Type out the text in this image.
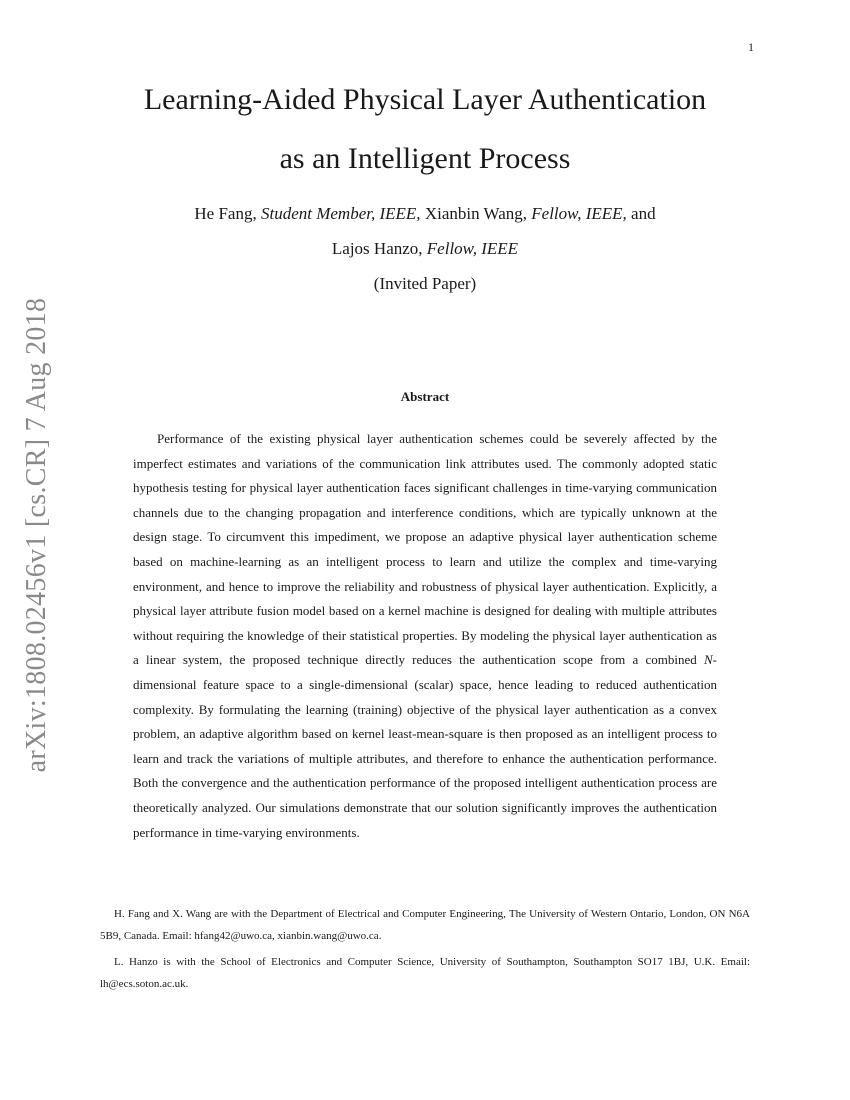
1
arXiv:1808.02456v1 [cs.CR] 7 Aug 2018
Learning-Aided Physical Layer Authentication
as an Intelligent Process
He Fang, Student Member, IEEE, Xianbin Wang, Fellow, IEEE, and
Lajos Hanzo, Fellow, IEEE
(Invited Paper)
Abstract

Performance of the existing physical layer authentication schemes could be severely affected by the imperfect estimates and variations of the communication link attributes used. The commonly adopted static hypothesis testing for physical layer authentication faces significant challenges in time-varying communication channels due to the changing propagation and interference conditions, which are typically unknown at the design stage. To circumvent this impediment, we propose an adaptive physical layer authentication scheme based on machine-learning as an intelligent process to learn and utilize the complex and time-varying environment, and hence to improve the reliability and robustness of physical layer authentication. Explicitly, a physical layer attribute fusion model based on a kernel machine is designed for dealing with multiple attributes without requiring the knowledge of their statistical properties. By modeling the physical layer authentication as a linear system, the proposed technique directly reduces the authentication scope from a combined N-dimensional feature space to a single-dimensional (scalar) space, hence leading to reduced authentication complexity. By formulating the learning (training) objective of the physical layer authentication as a convex problem, an adaptive algorithm based on kernel least-mean-square is then proposed as an intelligent process to learn and track the variations of multiple attributes, and therefore to enhance the authentication performance. Both the convergence and the authentication performance of the proposed intelligent authentication process are theoretically analyzed. Our simulations demonstrate that our solution significantly improves the authentication performance in time-varying environments.

H. Fang and X. Wang are with the Department of Electrical and Computer Engineering, The University of Western Ontario, London, ON N6A 5B9, Canada. Email: hfang42@uwo.ca, xianbin.wang@uwo.ca.

L. Hanzo is with the School of Electronics and Computer Science, University of Southampton, Southampton SO17 1BJ, U.K. Email: lh@ecs.soton.ac.uk.
